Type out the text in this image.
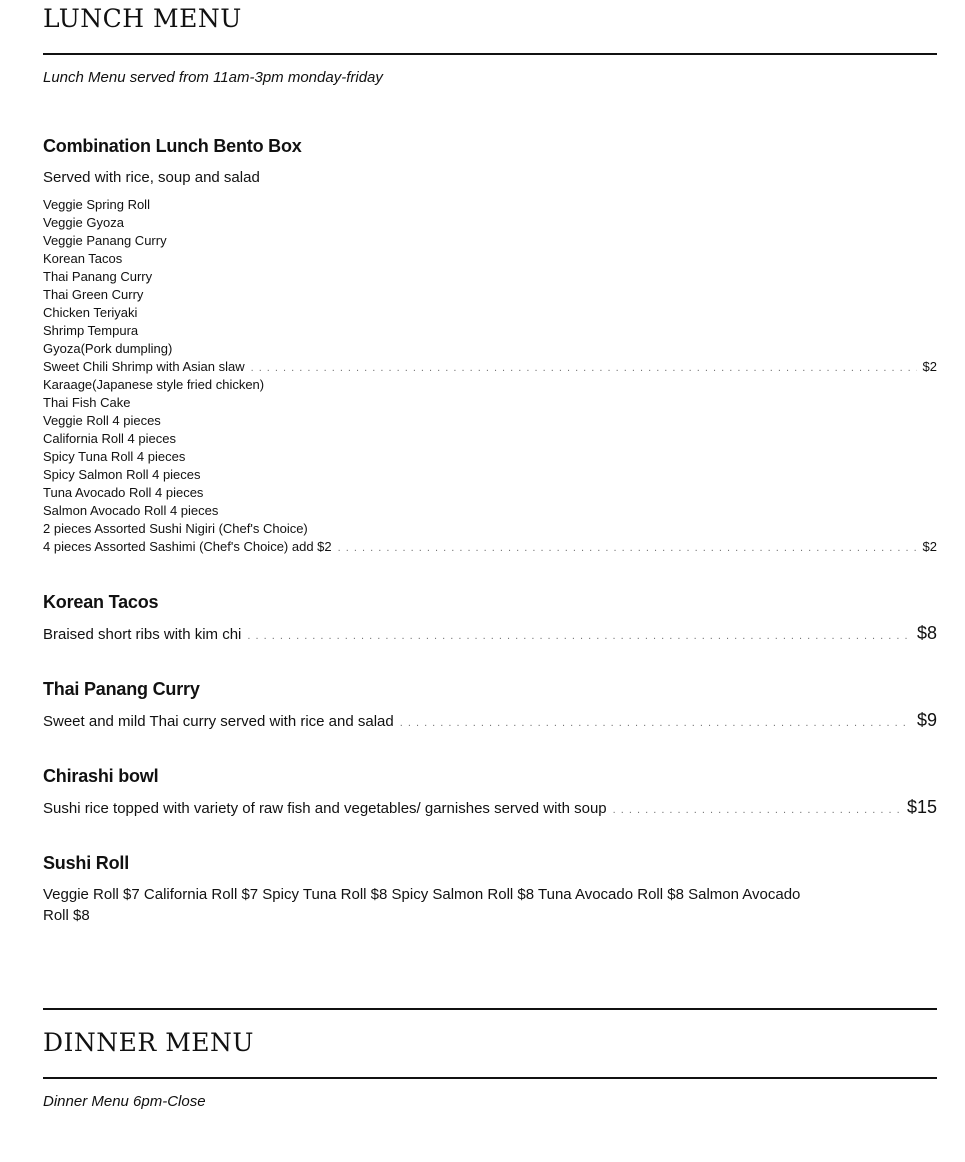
LUNCH MENU
Lunch Menu served from 11am-3pm monday-friday
Combination Lunch Bento Box
Served with rice, soup and salad
Veggie Spring Roll
Veggie Gyoza
Veggie Panang Curry
Korean Tacos
Thai Panang Curry
Thai Green Curry
Chicken Teriyaki
Shrimp Tempura
Gyoza(Pork dumpling)
Sweet Chili Shrimp with Asian slaw . . .	$2
Karaage(Japanese style fried chicken)
Thai Fish Cake
Veggie Roll 4 pieces
California Roll 4 pieces
Spicy Tuna Roll 4 pieces
Spicy Salmon Roll 4 pieces
Tuna Avocado Roll 4 pieces
Salmon Avocado Roll 4 pieces
2 pieces Assorted Sushi Nigiri (Chef's Choice)
4 pieces Assorted Sashimi (Chef's Choice) add $2 . . .	$2
Korean Tacos
Braised short ribs with kim chi . . .	$8
Thai Panang Curry
Sweet and mild Thai curry served with rice and salad . . .	$9
Chirashi bowl
Sushi rice topped with variety of raw fish and vegetables/ garnishes served with soup . . .	$15
Sushi Roll
Veggie Roll $7 California Roll $7 Spicy Tuna Roll $8 Spicy Salmon Roll $8 Tuna Avocado Roll $8 Salmon Avocado Roll $8
DINNER MENU
Dinner Menu 6pm-Close
